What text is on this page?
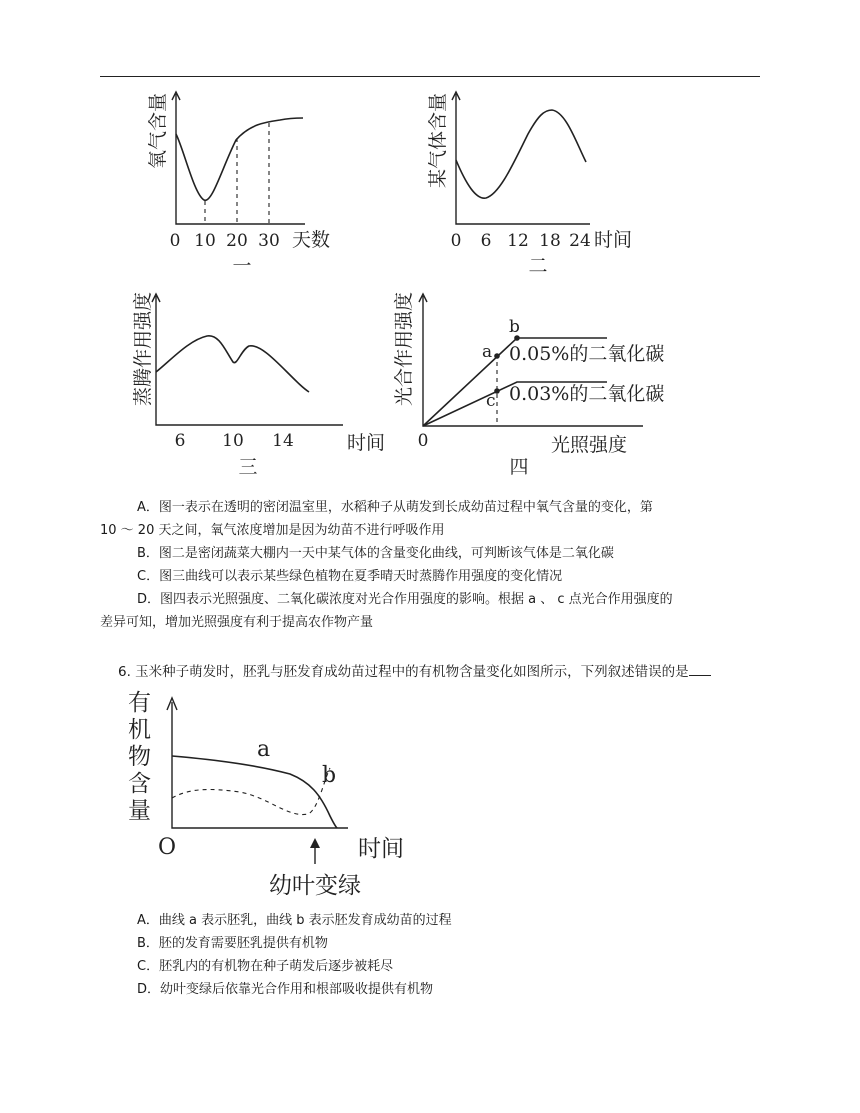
氧气含量
0 10 20 30 天数
一
某气体含量
0 6 12 18 24 时间
二
蒸腾作用强度
6 10 14	时间
三
光合作用强度	a
b
c
0.05%的二氧化碳
0.03%的二氧化碳
0	光照强度
四

A．图一表示在透明的密闭温室里，水稻种子从萌发到长成幼苗过程中氧气含量的变化，第

10 ～ 20 天之间，氧气浓度增加是因为幼苗不进行呼吸作用

B．图二是密闭蔬菜大棚内一天中某气体的含量变化曲线，可判断该气体是二氧化碳

C．图三曲线可以表示某些绿色植物在夏季晴天时蒸腾作用强度的变化情况

D．图四表示光照强度、二氧化碳浓度对光合作用强度的影响。根据 a 、 c 点光合作用强度的

差异可知，增加光照强度有利于提高农作物产量

6. 玉米种子萌发时，胚乳与胚发育成幼苗过程中的有机物含量变化如图所示，下列叙述错误的是
有
机
物
含
量
a
b
O	时间
幼叶变绿

A．曲线 a 表示胚乳，曲线 b 表示胚发育成幼苗的过程

B．胚的发育需要胚乳提供有机物

C．胚乳内的有机物在种子萌发后逐步被耗尽

D．幼叶变绿后依靠光合作用和根部吸收提供有机物
